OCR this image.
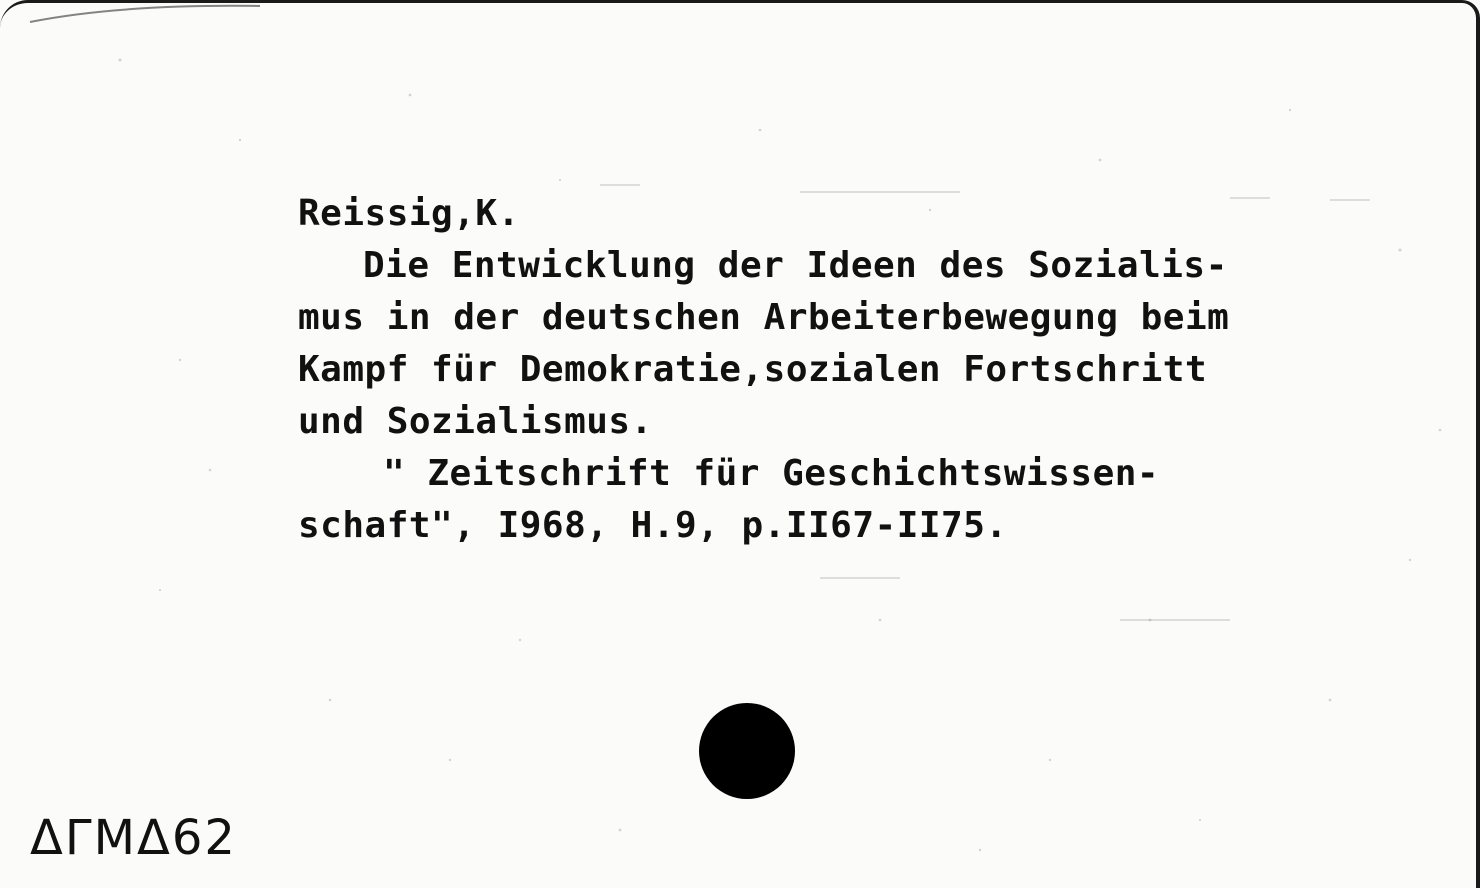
Reissig,K.
Die Entwicklung der Ideen des Sozialis-
mus in der deutschen Arbeiterbewegung beim
Kampf für Demokratie,sozialen Fortschritt
und Sozialismus.
" Zeitschrift für Geschichtswissen-
schaft", I968, H.9, p.II67-II75.
ΔΓΜΔ62
